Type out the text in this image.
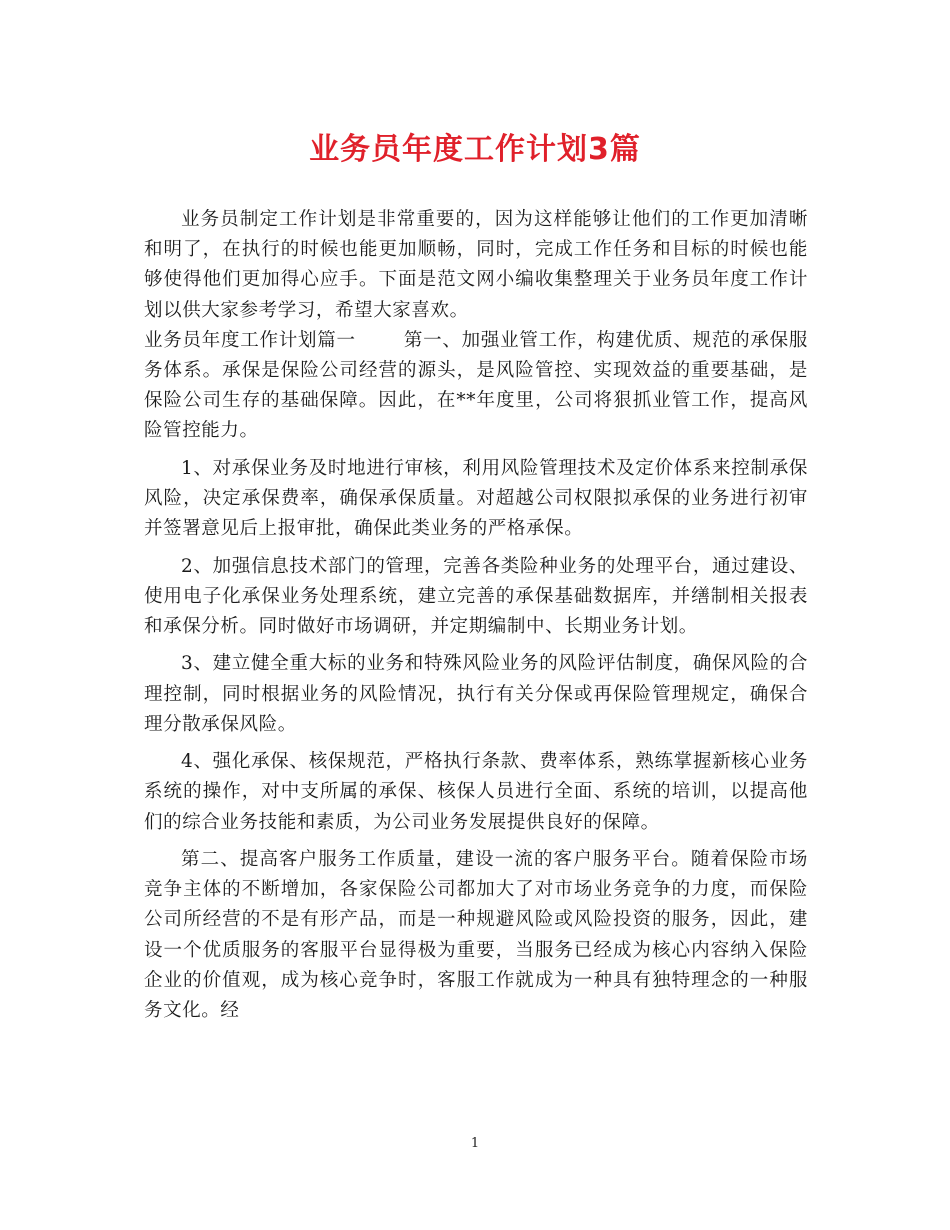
业务员年度工作计划3篇

业务员制定工作计划是非常重要的，因为这样能够让他们的工作更加清晰和明了，在执行的时候也能更加顺畅，同时，完成工作任务和目标的时候也能够使得他们更加得心应手。下面是范文网小编收集整理关于业务员年度工作计划以供大家参考学习，希望大家喜欢。

业务员年度工作计划篇一	第一、加强业管工作，构建优质、规范的承保服务体系。承保是保险公司经营的源头，是风险管控、实现效益的重要基础，是保险公司生存的基础保障。因此，在**年度里，公司将狠抓业管工作，提高风险管控能力。

1、对承保业务及时地进行审核，利用风险管理技术及定价体系来控制承保风险，决定承保费率，确保承保质量。对超越公司权限拟承保的业务进行初审并签署意见后上报审批，确保此类业务的严格承保。

2、加强信息技术部门的管理，完善各类险种业务的处理平台，通过建设、使用电子化承保业务处理系统，建立完善的承保基础数据库，并缮制相关报表和承保分析。同时做好市场调研，并定期编制中、长期业务计划。

3、建立健全重大标的业务和特殊风险业务的风险评估制度，确保风险的合理控制，同时根据业务的风险情况，执行有关分保或再保险管理规定，确保合理分散承保风险。

4、强化承保、核保规范，严格执行条款、费率体系，熟练掌握新核心业务系统的操作，对中支所属的承保、核保人员进行全面、系统的培训，以提高他们的综合业务技能和素质，为公司业务发展提供良好的保障。

第二、提高客户服务工作质量，建设一流的客户服务平台。随着保险市场竞争主体的不断增加，各家保险公司都加大了对市场业务竞争的力度，而保险公司所经营的不是有形产品，而是一种规避风险或风险投资的服务，因此，建设一个优质服务的客服平台显得极为重要，当服务已经成为核心内容纳入保险企业的价值观，成为核心竞争时，客服工作就成为一种具有独特理念的一种服务文化。经

1
